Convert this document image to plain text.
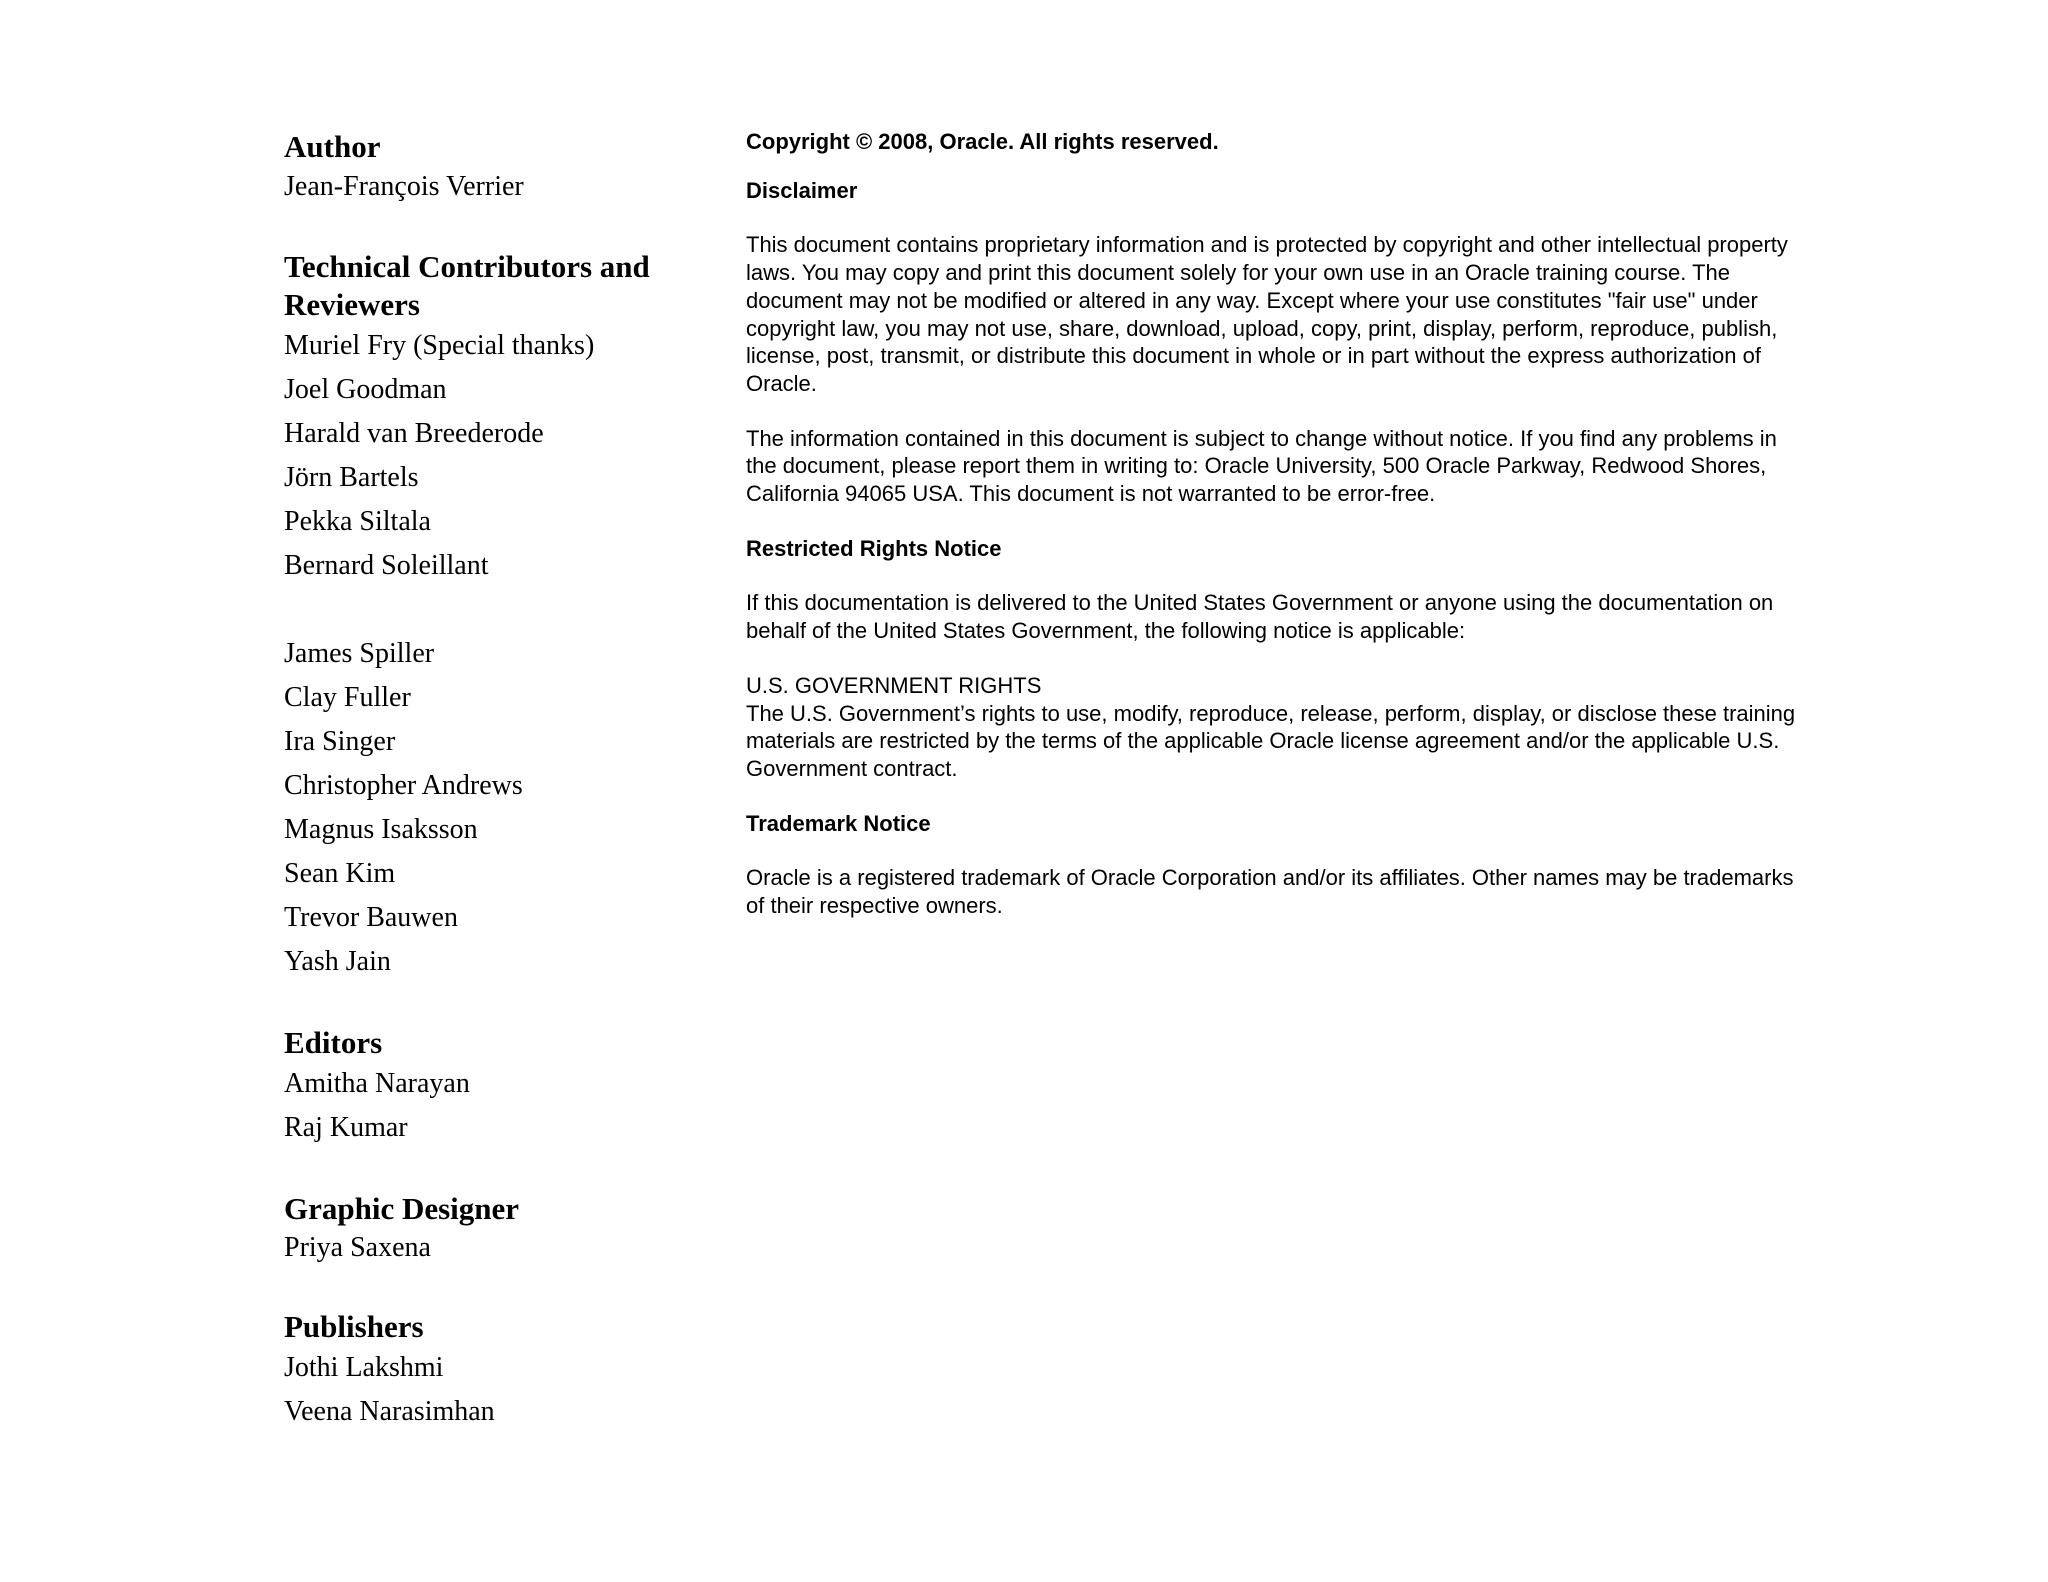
Author
Jean-François Verrier
Technical Contributors and
Reviewers
Muriel Fry (Special thanks)
Joel Goodman
Harald van Breederode
Jörn Bartels
Pekka Siltala
Bernard Soleillant
James Spiller
Clay Fuller
Ira Singer
Christopher Andrews
Magnus Isaksson
Sean Kim
Trevor Bauwen
Yash Jain
Editors
Amitha Narayan
Raj Kumar
Graphic Designer
Priya Saxena
Publishers
Jothi Lakshmi
Veena Narasimhan

Copyright © 2008, Oracle. All rights reserved.

Disclaimer

This document contains proprietary information and is protected by copyright and other intellectual property laws. You may copy and print this document solely for your own use in an Oracle training course. The document may not be modified or altered in any way. Except where your use constitutes "fair use" under copyright law, you may not use, share, download, upload, copy, print, display, perform, reproduce, publish, license, post, transmit, or distribute this document in whole or in part without the express authorization of Oracle.

The information contained in this document is subject to change without notice. If you find any problems in the document, please report them in writing to: Oracle University, 500 Oracle Parkway, Redwood Shores, California 94065 USA. This document is not warranted to be error-free.

Restricted Rights Notice

If this documentation is delivered to the United States Government or anyone using the documentation on behalf of the United States Government, the following notice is applicable:

U.S. GOVERNMENT RIGHTS

The U.S. Government’s rights to use, modify, reproduce, release, perform, display, or disclose these training materials are restricted by the terms of the applicable Oracle license agreement and/or the applicable U.S. Government contract.

Trademark Notice

Oracle is a registered trademark of Oracle Corporation and/or its affiliates. Other names may be trademarks of their respective owners.
